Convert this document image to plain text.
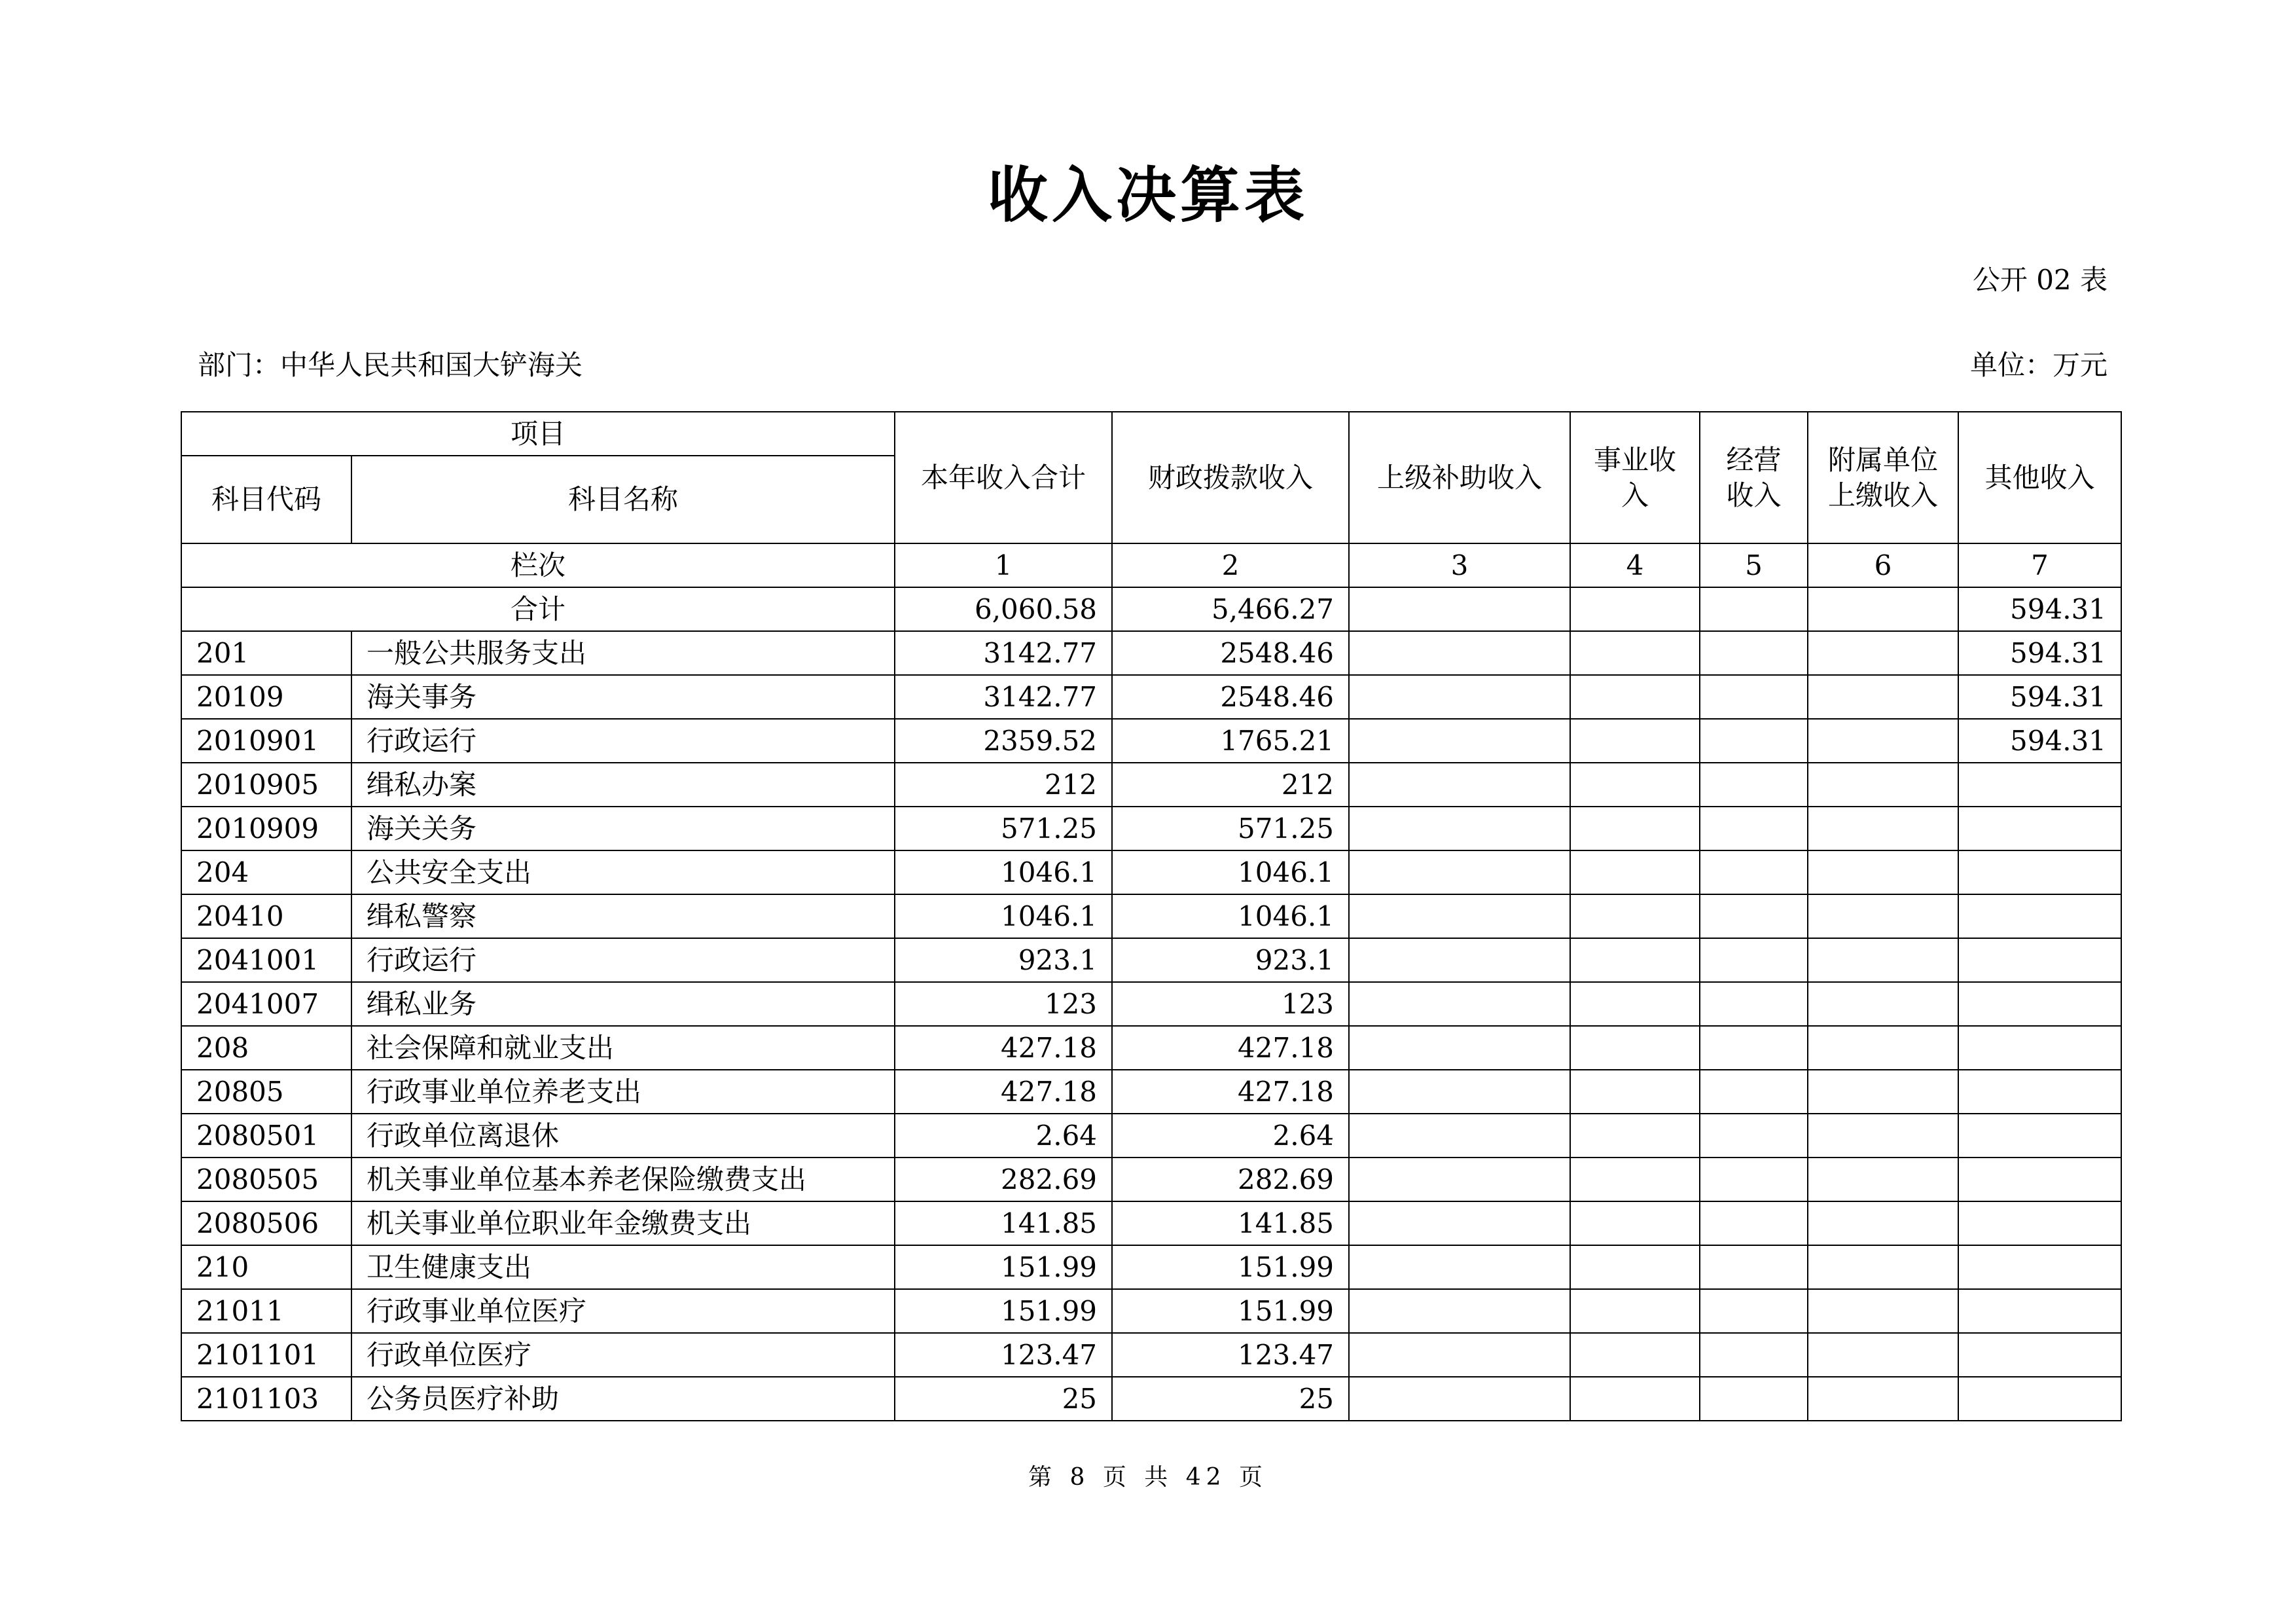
收入决算表
公开 02 表
部门：中华人民共和国大铲海关	单位：万元
项目		本年收入合计	财政拨款收入	上级补助收入	事业收入	经营收入	附属单位上缴收入	其他收入
科目代码	科目名称							
栏次		1	2	3	4	5	6	7
合计		6,060.58	5,466.27					594.31
201	一般公共服务支出	3142.77	2548.46					594.31
20109	海关事务	3142.77	2548.46					594.31
2010901	行政运行	2359.52	1765.21					594.31
2010905	缉私办案	212	212					
2010909	海关关务	571.25	571.25					
204	公共安全支出	1046.1	1046.1					
20410	缉私警察	1046.1	1046.1					
2041001	行政运行	923.1	923.1					
2041007	缉私业务	123	123					
208	社会保障和就业支出	427.18	427.18					
20805	行政事业单位养老支出	427.18	427.18					
2080501	行政单位离退休	2.64	2.64					
2080505	机关事业单位基本养老保险缴费支出	282.69	282.69					
2080506	机关事业单位职业年金缴费支出	141.85	141.85					
210	卫生健康支出	151.99	151.99					
21011	行政事业单位医疗	151.99	151.99					
2101101	行政单位医疗	123.47	123.47					
2101103	公务员医疗补助	25	25					
第 8 页 共 42 页
